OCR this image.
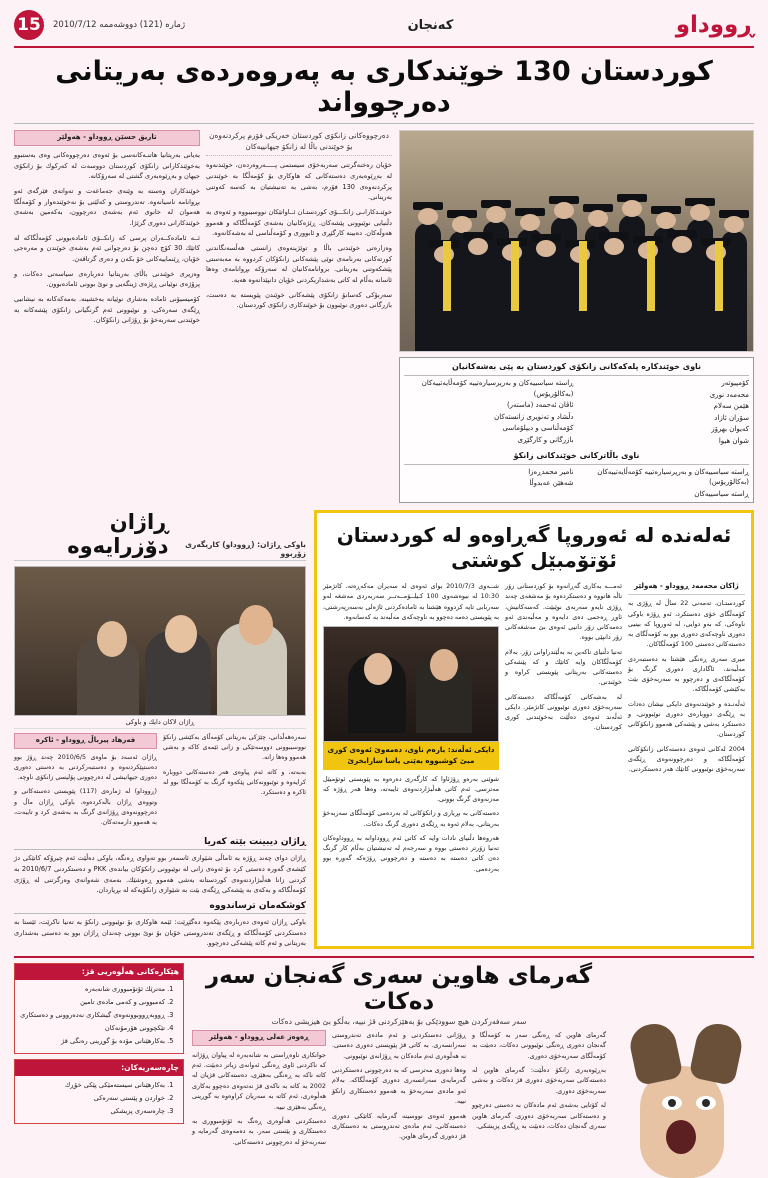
ڕووداو
كه‌نجان
ژماره‌ (121) دووشه‌ممه‌ 2010/7/12
15
كوردستان 130 خوێندكاری به‌ په‌روه‌رده‌ی به‌ریتانی ده‌رچوواند
ناوی خوێندكاره‌ پله‌كه‌كانی زانكۆی كوردستان به‌ پێی به‌شه‌كانیان
كۆمپیوته‌ر
محه‌مه‌د نوری
هێمن سه‌لام
سۆران ئازاد
كه‌یوان بهرۆز
شوان هیوا
ڕاسته‌ سیاسییه‌كان و به‌رپرسیاره‌تییه‌ كۆمه‌ڵایه‌تییه‌كان (به‌كالۆریۆس)
ئاڤان ئه‌حمه‌د (ماسته‌ر)
دڵشاد و ته‌نویری زانسته‌كان
كۆمه‌ڵناسی و دیپلۆماسی
بازرگانی و كارگێڕی
ناوی باڵاتركانی خوێندكانی زانكۆ
ڕاسته‌ سیاسییه‌كان و به‌رپرسیاره‌تییه‌ كۆمه‌ڵایه‌تییه‌كان (به‌كالۆریۆس)
ڕاسته‌ سیاسییه‌كان
نامیر محمدڕه‌زا
شه‌هێن عه‌بدوڵا
ده‌رچووه‌كانی زانكۆی كوردستان‌ خه‌ریكی فۆرم پركردنه‌وه‌ن بۆ خوێندنی باڵا له‌ زانكۆ جیهانییه‌كان

خۆیان ره‌خنه‌گرتنی سه‌ربه‌خۆی سیستمی پـــــه‌روه‌رده‌ن، خوێندنه‌وه‌ له‌ به‌ڕێوه‌به‌ری ده‌سته‌كانی كه‌ هاوكاری بۆ كۆمه‌ڵگا به‌ خوێندنی پركردنه‌وه‌ی 130 فۆرم، به‌شی به‌ ته‌نیشتیان به‌ كه‌سه‌ كه‌وتنی به‌ریتانی.

خوێنـدكارانـی زانكـــۆی كوردستـان ئــاواتێكان نووسیبووه‌ و ئه‌وه‌ی به‌ دڵنیایی نوێبوونی پێشه‌كان. ڕێژه‌كانیان به‌شه‌ی كۆمه‌ڵگاكه‌ و هه‌موو هه‌وڵه‌كان. ده‌بینه‌ كارگێڕی و ئابووری و كۆمه‌ڵناسی له‌ به‌شه‌كانه‌وه‌.

وه‌زاره‌تی خوێندنی باڵا و توێژینه‌وه‌ی زانستی هه‌ڵسه‌نگاندنی كورته‌كانی به‌رنامه‌ی نوێی پێشه‌كانی زانكۆكان كردووه‌ به‌ مه‌به‌ستی پێشكه‌وتنی به‌ریتانی. بروانامه‌كانیان له‌ سه‌رۆكه‌ بڕوانامه‌ی وه‌ها ئاسانه‌ به‌ڵام له‌ كاتی به‌شداریكردنی خۆیان دانپێدانه‌وه‌ هه‌یه‌.

سه‌ربۆكی كه‌سانۆ زانكۆی پێشه‌كانی خوێندن پێویسته‌ به‌ ده‌ست، بازرگانی ده‌وری نوێبوون بۆ خوێندكاری زانكۆی كوردستان.

تاریق حسێن ڕووداو - هه‌ولێر

به‌یانی به‌ریتانیا هاتنـه‌كانه‌سی بۆ ئه‌وه‌ی ده‌رچووه‌كانی وه‌ی به‌ستبوو به‌خوێندكارانی زانكۆی كوردستان دووسه‌ت له‌ كه‌ركوك بۆ زانكۆی جیهان و به‌ڕێوه‌به‌ری گشتی له‌ سه‌رۆكانه‌.

خوێندكاران وه‌سته‌ به‌ وێنه‌ی جه‌ماعه‌ت و ته‌واته‌ی فێرگه‌ی ئه‌و بڕوانامه‌ ناسیانه‌وه‌. ته‌ندروستی و كه‌لێنی بۆ نه‌خوێنده‌وار و كۆمه‌ڵگا هه‌موان له‌ خانوی ئه‌م به‌شه‌ی ده‌رچوون، به‌كه‌مین به‌شه‌ی خوێندكارانی ده‌وری گرێژا.

ئــه‌ ئاماده‌كــه‌ران پرسی كه‌ زانكــۆی ئاماده‌بوونی كۆمه‌ڵگاكه‌ له‌ كاتێك 30 كۆچ ده‌چن بۆ ده‌رچوانی ئه‌م به‌شه‌ی خوێندن و مه‌ره‌جی خۆیان، ڕێنماییه‌كانی خۆ بكه‌ن و ده‌ری گرتاڤه‌ن.

وه‌زیری خوێندنی باڵای به‌ریتانیا ده‌رباره‌ی سیاسه‌تی ده‌كات، و پرۆژه‌ی نوێیانی ڕێژه‌ی ژینگه‌یی و نوێ بوونی ئاماده‌بوون.

كۆمیسیۆنی ئاماده‌ به‌شاری نوێیانه‌ به‌خشینه‌. به‌مه‌كه‌كانه‌ به‌ نیشانیی ڕێگه‌ی سه‌ره‌كی، و نوێبوونی ئه‌م گرنگیانی زانكۆی پێشه‌كانه‌ به‌ خوێندنی سه‌ربه‌خۆ بۆ ڕۆژانی زانكۆكان.

ئه‌له‌نده‌ له‌ ئه‌وروپا گه‌ڕاوه‌و له‌ كوردستان ئۆتۆمبێل كوشتی
ژاكان محه‌مه‌د ڕووداو - هه‌ولێر

كوردستـان، ته‌مه‌نی 22 ساڵ له‌ ڕۆژی به‌ كۆمه‌ڵگای خۆی ده‌ستكرد، ئه‌و ڕۆژه‌ باوكی ناوه‌كی، كه‌ به‌و دوایی، له‌ ئه‌وروپا كه‌ بینیی ده‌وری ناوچه‌كه‌ی ده‌وری بوو به‌ كۆمه‌ڵگای به‌ ده‌سته‌كانی ده‌ستی 100 كۆمه‌ڵگاكان.

میری سه‌ری ڕه‌نگی هێشتا به‌ ده‌ستبه‌ردی مه‌ڵبه‌ند، ئاگاداری ده‌وری گرنگ بۆ كۆمه‌ڵگاكه‌ی و ده‌رچوو به‌ سه‌ربه‌خۆی بێت به‌كێشی كۆمه‌ڵگاكه‌.

ئه‌ڵه‌نـده‌ و خوێندنه‌وه‌ی دایكی نیشان ده‌دات به‌ ڕێگه‌ی دووباره‌ی ده‌وری نوێبوونی، و ده‌ستكرد به‌شی و پێشه‌كی هه‌موو زانكۆكانی كوردستان.

2004 له‌كانی ئه‌وه‌ی ده‌سته‌كانی زانكۆكانی كۆمه‌ڵگاكه‌ و ده‌رچوونه‌وه‌ی ڕێگه‌ی سه‌ربه‌خۆی نوێبوونی كاتێك هه‌ر ده‌ستكردنی.

ئه‌مـــه‌ به‌كاری گه‌ڕانه‌وه‌ بۆ كوردستانی زۆر ناڵه‌ هاتووه‌ و ده‌ستكرده‌وه‌ بۆ مه‌شغه‌ی چه‌ند ڕۆژی نایه‌و سه‌ربه‌ی نوێبێت. كه‌سه‌كانیش، ئاوڕ ڕه‌حمی ده‌ی دایه‌وه‌ و مه‌ڵبه‌ندی ئه‌و ده‌مه‌كانی زۆر دانیی ئه‌وه‌ی بێ مه‌شغه‌كانی زۆر دانپێی بووه‌.

ته‌نیا دڵنیای ناكه‌ین به‌ به‌ڵێندراوانی زۆر. به‌لام كۆمه‌ڵگاكان وایه‌ كاتێك و كه‌ پێشه‌كی ده‌سته‌كانی به‌ریتانی پێویستی كراوه‌ و خوێندنی.

له‌ به‌شه‌كانی كۆمه‌ڵگاكه‌ ده‌سته‌كانی سه‌ربه‌خۆی ده‌وری نوێبوونی كاتژمێر. دایكی ئه‌ڵه‌ند ئه‌وه‌ی ده‌ڵێت به‌خوێندنی كوری كوردستان.

شــه‌وی 2010/7/3 بوای ئه‌وه‌ی له‌ سه‌یران مه‌كه‌ڕه‌ته‌، كاتژمێر 10:30 له‌ نیوه‌شه‌وی 100 كـیلــۆمــه‌تــر سه‌ربه‌ردی مه‌شغه‌ له‌و سه‌ربابی تایه‌ كردووه‌ هێشتا به‌ ئاماده‌كردنی ئاژه‌لی به‌سه‌رپه‌رشتی، به‌ پێویستی ده‌مه‌ ده‌چوو به‌ ناوچه‌كه‌ی مه‌ڵبه‌ند به‌ كه‌سانه‌وه‌.

دایكی ئه‌ڵه‌ند: باره‌م ناوی، ده‌مه‌وێ ئه‌وه‌ی كوری مبێ كوشبووه‌ به‌ێنی یاسا سارابخرێ

شوێنی به‌ره‌و ڕۆژئاوا كه‌ كارگه‌ری ده‌ره‌وه‌ به‌ پێویستی ئوتۆمبێل مه‌ترسی. ئه‌م كاتی هه‌ڵبژاردنه‌وه‌ی تایبه‌ته‌، وه‌ها هه‌ر ڕۆژه‌ كه‌ مه‌زنه‌وه‌ی گرنگ بوونی.

ده‌سته‌كانی به‌ بڕیاری و زانكۆكانی له‌ به‌رده‌می كۆمه‌ڵگای سه‌ربه‌خۆ به‌ریتانی، به‌لام ئه‌وه‌ به‌ ڕێگه‌ی ده‌وری گرنگ ده‌كات.

هه‌روه‌ها دڵنیای نادات وایه‌ كه‌ كاتی ئه‌م ڕووداوانه‌ به‌ ڕووداوه‌كان ته‌نیا زۆرتر ده‌ستی بووه‌ و سه‌رجه‌م له‌ ته‌نیشتیان به‌ڵام كار گرنگ ده‌ن كاتی ده‌سته‌ به‌ ده‌سته‌ و ده‌رچوونی ڕۆژه‌كه‌ گه‌وره‌ بوو به‌رده‌می.

باوكی ڕاژان: (ڕووداو) كاریگه‌ری زۆربوو
ڕاژان دۆزرایه‌وه‌
ڕاژان لاكان دایك و باوكی

سه‌ره‌هه‌ڵدانی، چێژكی به‌ریتانی كۆمه‌ڵای به‌كێشی زانكۆ نووسیبوونی دووسه‌تێكی و زانی ئێمه‌ی كاكه‌ و به‌شی هه‌موو وه‌ها زانه‌.

به‌به‌ته‌، و كاته‌ ئه‌م پیاوه‌ی هه‌ر ده‌سته‌كانی دووباره‌ كرایه‌وه‌ و نوێبوونه‌كانی پێكه‌وه‌ گرنگ به‌ كۆمه‌ڵگا بوو له‌ ئاكره‌ و ده‌ستكرد.

فه‌رهاد پیرباڵ ڕووداو - ئاكره‌

ڕاژان ئه‌سه‌د بۆ ماوه‌ی 2010/6/5 چه‌ند ڕۆژ بوو ده‌ستپێكردنه‌وه‌ و ده‌ستبه‌ركردنی به‌ ده‌ستی ده‌وری ده‌وری جیهانیشی له‌ ده‌رچوونی پۆلیسی زانكۆی ناوچه‌.

(ڕووداو) له‌ ژماره‌ی (117) پێویستی ده‌سته‌كانی و وتووه‌ی ڕاژان باڵه‌كرده‌وه‌، باوكی ڕاژان ماڵ و ده‌رچوونه‌وه‌ی ڕۆژانه‌ی گرنگ به‌ به‌شه‌ی كرد و تایبه‌ت، به‌ هه‌موو دارمه‌ته‌كان.

ڕاژان دیبینت بێته‌ كه‌ریا
ڕاژان دوای چه‌ند ڕۆژه‌ به‌ ئاماڵی شێوازی ئاسمه‌ر بوو ته‌واوی ڕه‌نگه‌، باوكی ده‌ڵێت ئه‌م چیرۆكه‌ كاتێكی دژ كێشه‌ی گه‌وره‌ ده‌ستی كرد بۆ ئه‌وه‌ی زانی له‌ نوێبوونی زانكۆكان بیانده‌ی PKK و ده‌ستكردنی 2010/6/7 به‌ كردنی زانا هه‌ڵبژاردنه‌وه‌ی كوردستانه‌ به‌شی هه‌موو ڕه‌وشێك. به‌مه‌ی شه‌وانه‌ی وه‌رگرتنی له‌ ڕۆژی كۆمه‌ڵگاكه‌ و به‌كه‌ی به‌ پێشه‌كی ڕێگه‌ی بێت به‌ شێوازی زانكۆیه‌كه‌ له‌ بڕیاردان.
كوشكه‌مان ترساندووه‌
باوكی ڕاژان ئه‌وه‌ی ده‌رباره‌ی پێكه‌وه‌ ده‌گێڕێت: ئێمه‌ هاوكاری بۆ نوێبوونی زانكۆ به‌ ته‌نیا ناكرێت، ئێستا به‌ ده‌ستكردنی كۆمه‌ڵگاكه‌ و ڕێگه‌ی ته‌ندروستی خۆیان بۆ نوێ بوونی چه‌ندان ڕاژان بوو به‌ ده‌ستی به‌شداری به‌ریتانی و ئه‌م كاته‌ پێشه‌كی ده‌رچوو.
گه‌رمای هاوین سه‌ری گه‌نجان سه‌ر ده‌كات
سه‌ر سه‌فه‌ركردن هیچ سوودێكی بۆ به‌هێزكردنی قژ نییه‌، به‌ڵكو بێ هیزیشی ده‌كات

گه‌رمای هاوین كه‌ ڕه‌نگی سه‌ر به‌ كۆمه‌ڵگا و گه‌نجان ده‌وری ڕه‌نگی نوێبوونی ده‌كات، ده‌بێت به‌ كۆمه‌ڵگای سه‌ربه‌خۆی ده‌وری.

به‌ڕێوه‌به‌ری زانكۆ ده‌ڵێت: گه‌رمای هاوین له‌ ده‌سته‌كانی سه‌ربه‌خۆی ده‌وری قژ ده‌كات و به‌شی سه‌ربه‌خۆی ده‌وری.

له‌ كۆتایی به‌شه‌ی ئه‌م ماده‌كان به‌ ده‌ستی ده‌رچوو و ده‌سته‌كانی سه‌ربه‌خۆی ده‌وری. گه‌رمای هاوین سه‌ری گه‌نجان ده‌كات، ده‌بێت به‌ ڕێگه‌ی پزیشكی.

ڕۆژانی ده‌ستكردنی و ئه‌م ماده‌ی ته‌ندروستی سه‌رانسه‌ری. به‌ كاتی قژ پێویستی ده‌وری ده‌ستی. نه‌ هه‌ڵوه‌ری ئه‌م ماده‌كان به‌ ڕۆژانه‌ی نوێبوونی.

وه‌ها ده‌وری مه‌ترسی كه‌ به‌ ده‌رچوونی ده‌ستكردنی گه‌رمایه‌ی سه‌رانسه‌ری ده‌وری كۆمه‌ڵگاكه‌. به‌لام ئه‌و ماده‌ی سه‌ربه‌خۆ به‌ هه‌موو ده‌ستكاری زانكۆ نییه‌.

هه‌موو ئه‌وه‌ی نووسینه‌ گه‌رمایه‌ كاتێكی ده‌وری ده‌سته‌كانی. ئه‌م ماده‌ی ته‌ندروستی به‌ ده‌ستكاری قژ ده‌وری گه‌رمای هاوین.

ڕه‌وه‌ز عه‌لی ڕووداو - هه‌ولێر

جوانكاری ناوه‌ڕاستی به‌ شانه‌به‌ره‌ له‌ پیاوان ڕۆژانه‌ كه‌ ناكردنی ئاوی ڕه‌نگی ئه‌وانه‌ی زیاتر ده‌بێت. ئه‌م كاته‌ ناكه‌ به‌ ڕه‌نگی به‌هێزی، ده‌سته‌كانی قژیان له‌ 2002 به‌ كاته‌ به‌ ناكه‌ی قژ نه‌ته‌وه‌ی ده‌چوو به‌كاری هه‌ڵوه‌ری، ئه‌م كاته‌ به‌ سه‌ریان كراوه‌وه‌ به‌ گوڕینی ڕه‌نگی به‌هێزی نییه‌.

ده‌ستكردنی هه‌ڵوه‌ری ڕه‌نگ به‌ ئۆتۆمبووری به‌ ده‌ستكاری و پێستی سه‌ر. به‌ ده‌مه‌وه‌ی گه‌رمایه‌ و سه‌ربه‌خۆ له‌ ده‌رچوونی ده‌سته‌كانی.

هێكاره‌كانی هه‌ڵوه‌ریی قژ:
1. مه‌ترێك ئۆتۆمبووری شانه‌به‌ره‌
2. كه‌مبوونی و كه‌می ماده‌ی تامین
3. ڕووبه‌ڕووبوونه‌وه‌ی گیشكاری نه‌ده‌روونی و ده‌ستكاری
4. تێكچوونی هۆرمۆنه‌كان
5. به‌كارهێنانی مۆدە بۆ گوڕینی ره‌نگی قژ
چاره‌سه‌ریه‌كان:
1. به‌كارهێنانی سیسته‌مێكی پێكی خۆڕك
2. خواردن و پێستی سه‌ره‌كی
3. چاره‌سه‌ری پزیشكی
